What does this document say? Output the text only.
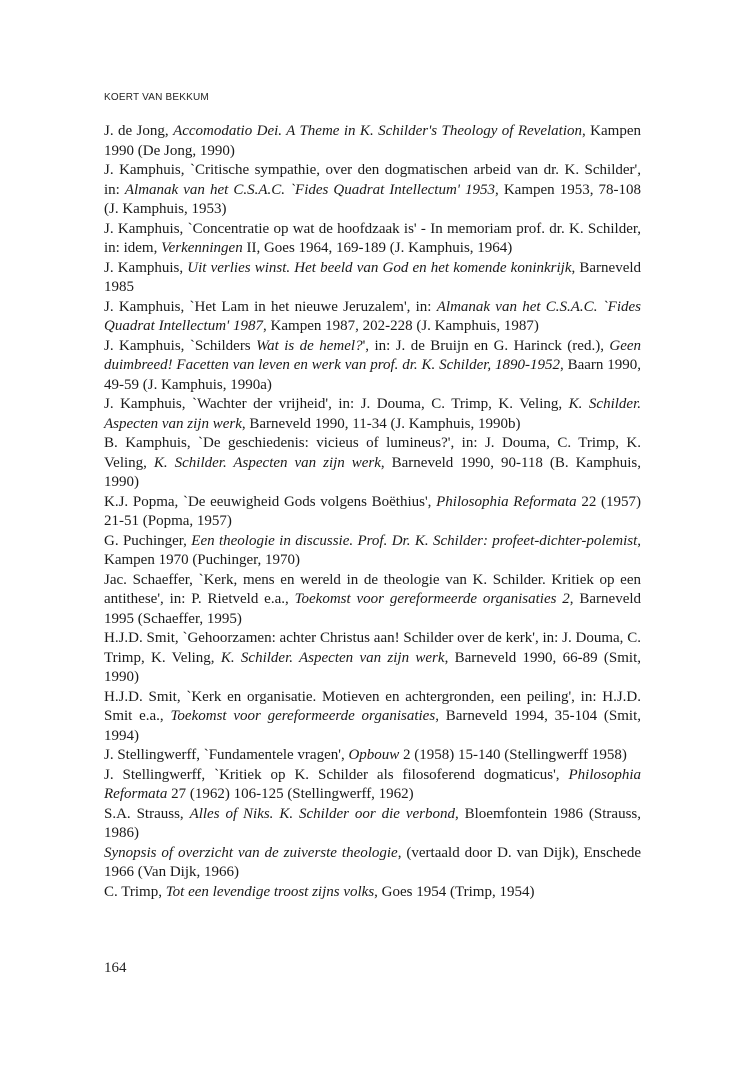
KOERT VAN BEKKUM

J. de Jong, Accomodatio Dei. A Theme in K. Schilder's Theology of Revelation, Kampen 1990 (De Jong, 1990)

J. Kamphuis, `Critische sympathie, over den dogmatischen arbeid van dr. K. Schilder', in: Almanak van het C.S.A.C. `Fides Quadrat Intellectum' 1953, Kampen 1953, 78-108 (J. Kamphuis, 1953)

J. Kamphuis, `Concentratie op wat de hoofdzaak is' - In memoriam prof. dr. K. Schilder, in: idem, Verkenningen II, Goes 1964, 169-189 (J. Kamphuis, 1964)

J. Kamphuis, Uit verlies winst. Het beeld van God en het komende koninkrijk, Barneveld 1985

J. Kamphuis, `Het Lam in het nieuwe Jeruzalem', in: Almanak van het C.S.A.C. `Fides Quadrat Intellectum' 1987, Kampen 1987, 202-228 (J. Kamphuis, 1987)

J. Kamphuis, `Schilders Wat is de hemel?', in: J. de Bruijn en G. Harinck (red.), Geen duimbreed! Facetten van leven en werk van prof. dr. K. Schilder, 1890-1952, Baarn 1990, 49-59 (J. Kamphuis, 1990a)

J. Kamphuis, `Wachter der vrijheid', in: J. Douma, C. Trimp, K. Veling, K. Schilder. Aspecten van zijn werk, Barneveld 1990, 11-34 (J. Kamphuis, 1990b)

B. Kamphuis, `De geschiedenis: vicieus of lumineus?', in: J. Douma, C. Trimp, K. Veling, K. Schilder. Aspecten van zijn werk, Barneveld 1990, 90-118 (B. Kamphuis, 1990)

K.J. Popma, `De eeuwigheid Gods volgens Boëthius', Philosophia Reformata 22 (1957) 21-51 (Popma, 1957)

G. Puchinger, Een theologie in discussie. Prof. Dr. K. Schilder: profeet-dichter-polemist, Kampen 1970 (Puchinger, 1970)

Jac. Schaeffer, `Kerk, mens en wereld in de theologie van K. Schilder. Kritiek op een antithese', in: P. Rietveld e.a., Toekomst voor gereformeerde organisaties 2, Barneveld 1995 (Schaeffer, 1995)

H.J.D. Smit, `Gehoorzamen: achter Christus aan! Schilder over de kerk', in: J. Douma, C. Trimp, K. Veling, K. Schilder. Aspecten van zijn werk, Barneveld 1990, 66-89 (Smit, 1990)

H.J.D. Smit, `Kerk en organisatie. Motieven en achtergronden, een peiling', in: H.J.D. Smit e.a., Toekomst voor gereformeerde organisaties, Barneveld 1994, 35-104 (Smit, 1994)

J. Stellingwerff, `Fundamentele vragen', Opbouw 2 (1958) 15-140 (Stellingwerff 1958)

J. Stellingwerff, `Kritiek op K. Schilder als filosoferend dogmaticus', Philosophia Reformata 27 (1962) 106-125 (Stellingwerff, 1962)

S.A. Strauss, Alles of Niks. K. Schilder oor die verbond, Bloemfontein 1986 (Strauss, 1986)

Synopsis of overzicht van de zuiverste theologie, (vertaald door D. van Dijk), Enschede 1966 (Van Dijk, 1966)

C. Trimp, Tot een levendige troost zijns volks, Goes 1954 (Trimp, 1954)

164
